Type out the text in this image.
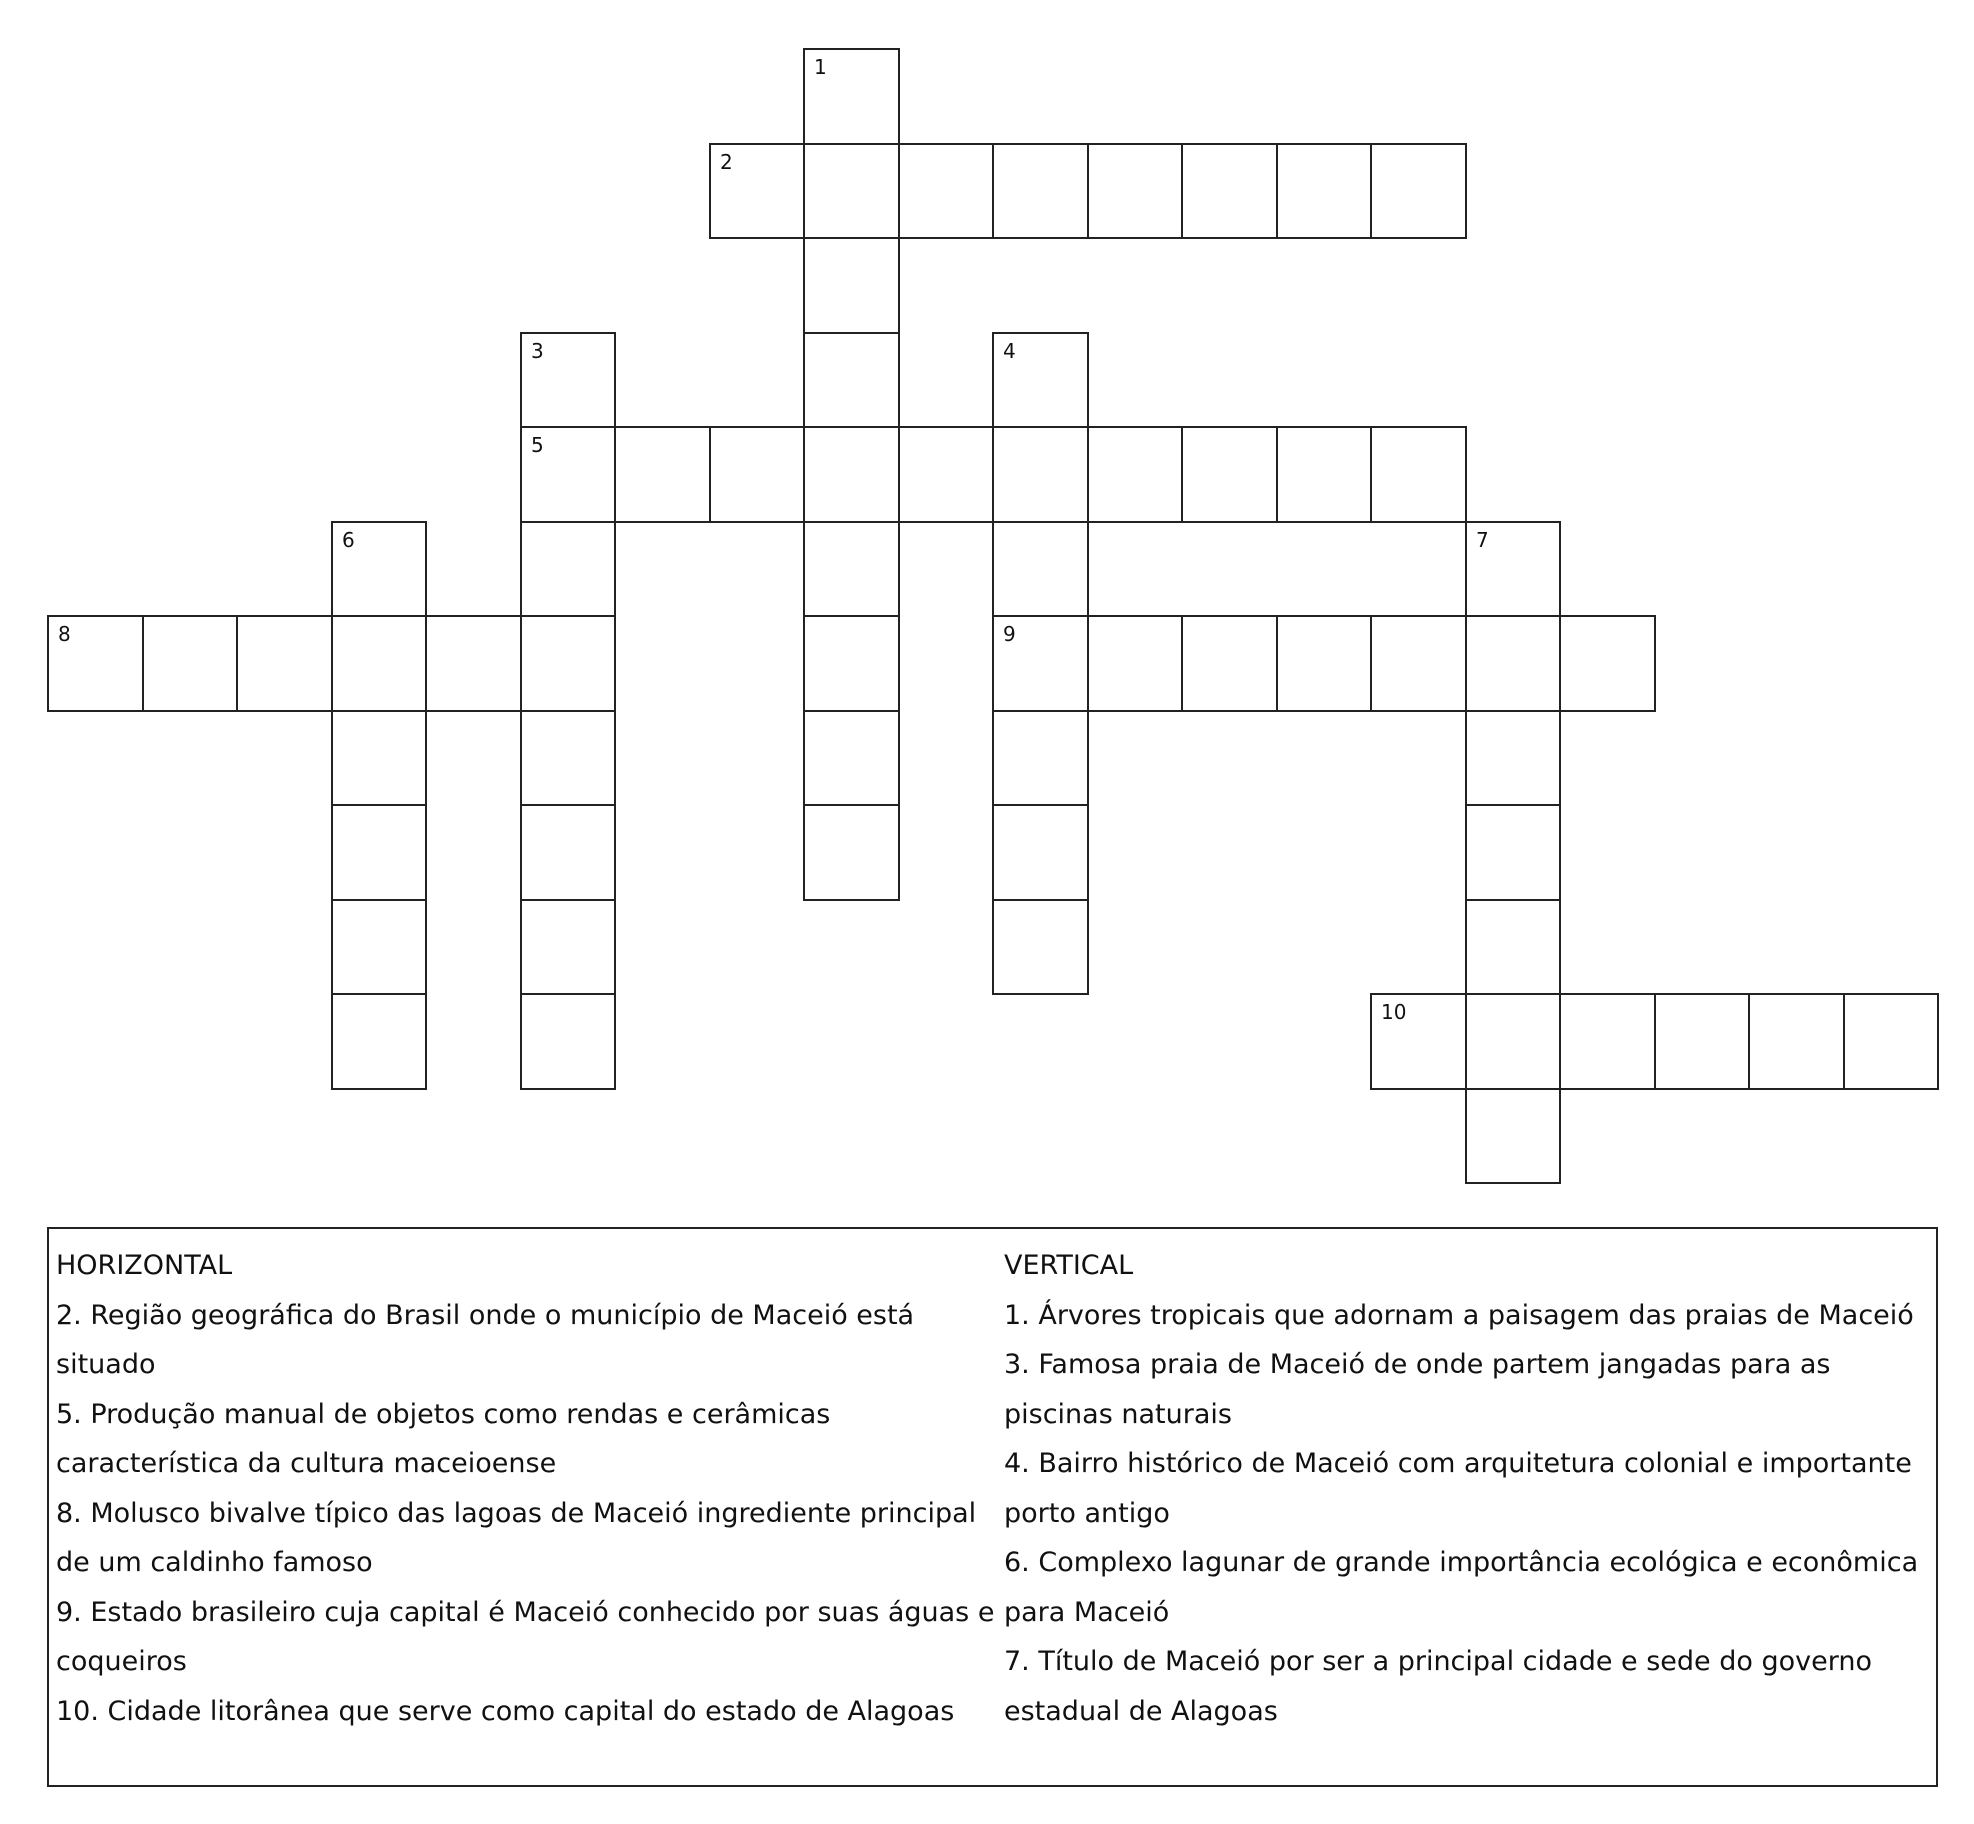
1
2
3
5
4
9
6	7
8
10
HORIZONTAL
2. Região geográfica do Brasil onde o município de Maceió está situado
5. Produção manual de objetos como rendas e cerâmicas característica da cultura maceioense
8. Molusco bivalve típico das lagoas de Maceió ingrediente principal de um caldinho famoso
9. Estado brasileiro cuja capital é Maceió conhecido por suas águas e coqueiros
10. Cidade litorânea que serve como capital do estado de Alagoas
VERTICAL
1. Árvores tropicais que adornam a paisagem das praias de Maceió
3. Famosa praia de Maceió de onde partem jangadas para as piscinas naturais
4. Bairro histórico de Maceió com arquitetura colonial e importante porto antigo
6. Complexo lagunar de grande importância ecológica e econômica para Maceió
7. Título de Maceió por ser a principal cidade e sede do governo estadual de Alagoas
